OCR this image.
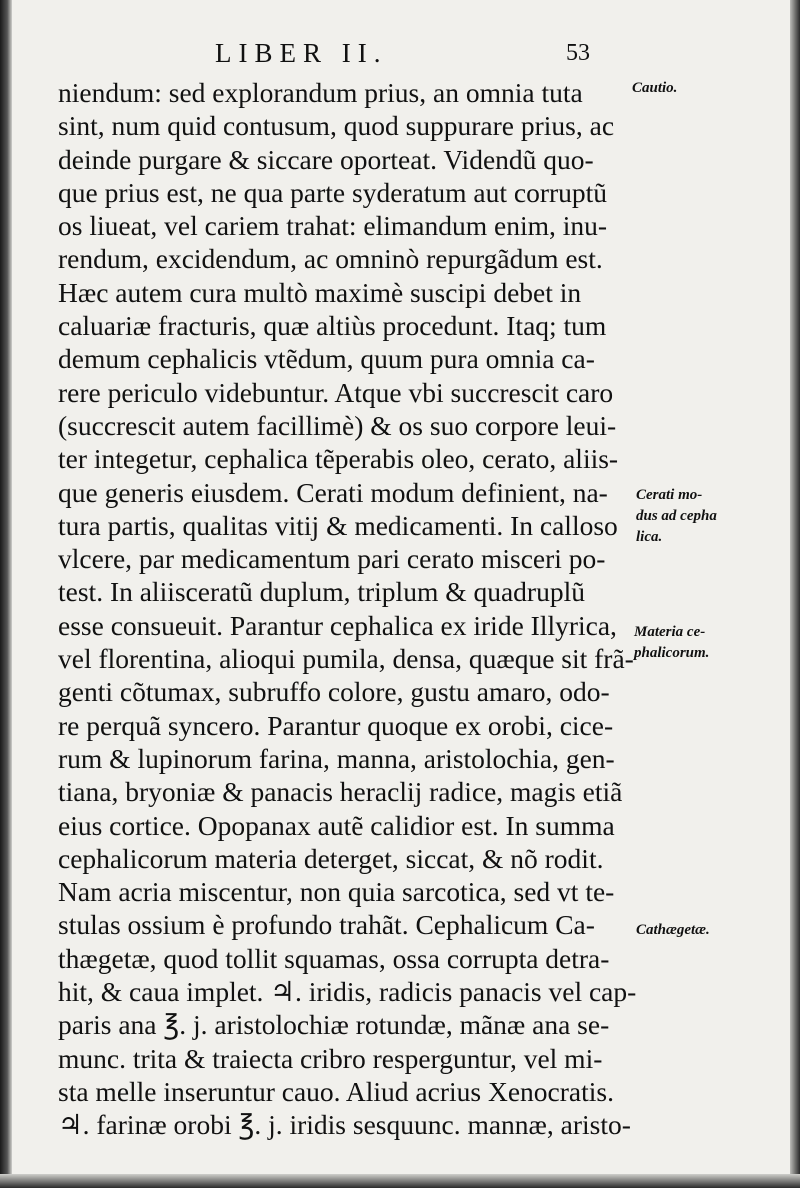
LIBER II.	53
niendum: sed explorandum prius, an omnia tuta
sint, num quid contusum, quod suppurare prius, ac
deinde purgare & siccare oporteat. Videndũ quo-
que prius est, ne qua parte syderatum aut corruptũ
os liueat, vel cariem trahat: elimandum enim, inu-
rendum, excidendum, ac omninò repurgãdum est.
Hæc autem cura multò maximè suscipi debet in
caluariæ fracturis, quæ altiùs procedunt. Itaq; tum
demum cephalicis vtẽdum, quum pura omnia ca-
rere periculo videbuntur. Atque vbi succrescit caro
(succrescit autem facillimè) & os suo corpore leui-
ter integetur, cephalica tẽperabis oleo, cerato, aliis-
que generis eiusdem. Cerati modum definient, na-
tura partis, qualitas vitij & medicamenti. In calloso
vlcere, par medicamentum pari cerato misceri po-
test. In aliisceratũ duplum, triplum & quadruplũ
esse consueuit. Parantur cephalica ex iride Illyrica,
vel florentina, alioqui pumila, densa, quæque sit frã-
genti cõtumax, subruffo colore, gustu amaro, odo-
re perquã syncero. Parantur quoque ex orobi, cice-
rum & lupinorum farina, manna, aristolochia, gen-
tiana, bryoniæ & panacis heraclij radice, magis etiã
eius cortice. Opopanax autẽ calidior est. In summa
cephalicorum materia deterget, siccat, & nõ rodit.
Nam acria miscentur, non quia sarcotica, sed vt te-
stulas ossium è profundo trahãt. Cephalicum Ca-
thægetæ, quod tollit squamas, ossa corrupta detra-
hit, & caua implet. ♃. iridis, radicis panacis vel cap-
paris ana ℥. j. aristolochiæ rotundæ, mãnæ ana se-
munc. trita & traiecta cribro resperguntur, vel mi-
sta melle inseruntur cauo. Aliud acrius Xenocratis.
♃. farinæ orobi ℥. j. iridis sesquunc. mannæ, aristo-
Cautio.
Cerati mo-
dus ad cepha
lica.
Materia ce-
phalicorum.
Cathægetæ.
